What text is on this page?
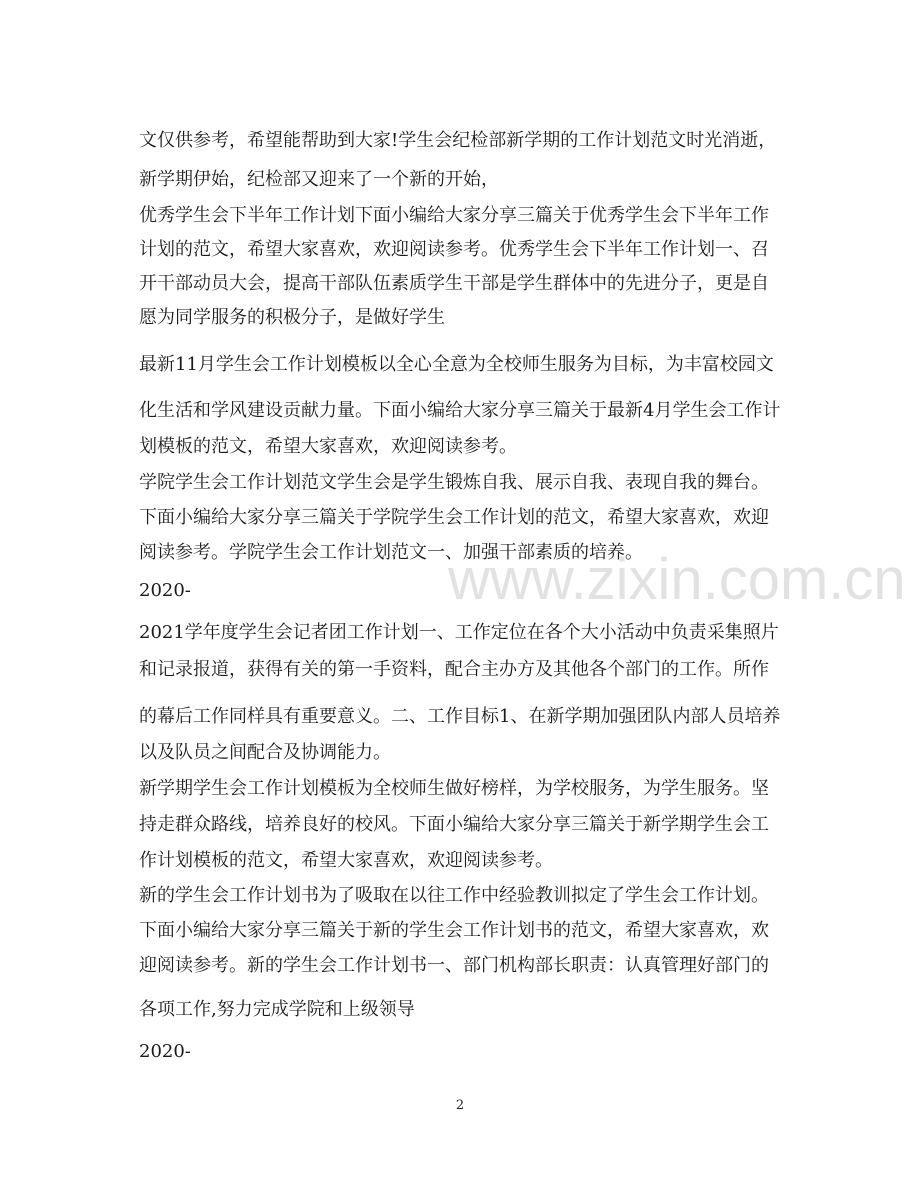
文仅供参考，希望能帮助到大家!学生会纪检部新学期的工作计划范文时光消逝，
新学期伊始，纪检部又迎来了一个新的开始，
优秀学生会下半年工作计划下面小编给大家分享三篇关于优秀学生会下半年工作
计划的范文，希望大家喜欢，欢迎阅读参考。优秀学生会下半年工作计划一、召
开干部动员大会，提高干部队伍素质学生干部是学生群体中的先进分子，更是自
愿为同学服务的积极分子，是做好学生
最新11月学生会工作计划模板以全心全意为全校师生服务为目标，为丰富校园文
化生活和学风建设贡献力量。下面小编给大家分享三篇关于最新4月学生会工作计
划模板的范文，希望大家喜欢，欢迎阅读参考。
学院学生会工作计划范文学生会是学生锻炼自我、展示自我、表现自我的舞台。
下面小编给大家分享三篇关于学院学生会工作计划的范文，希望大家喜欢，欢迎
阅读参考。学院学生会工作计划范文一、加强干部素质的培养。
2020-
2021学年度学生会记者团工作计划一、工作定位在各个大小活动中负责采集照片
和记录报道，获得有关的第一手资料，配合主办方及其他各个部门的工作。所作
的幕后工作同样具有重要意义。二、工作目标1、在新学期加强团队内部人员培养
以及队员之间配合及协调能力。
新学期学生会工作计划模板为全校师生做好榜样，为学校服务，为学生服务。坚
持走群众路线，培养良好的校风。下面小编给大家分享三篇关于新学期学生会工
作计划模板的范文，希望大家喜欢，欢迎阅读参考。
新的学生会工作计划书为了吸取在以往工作中经验教训拟定了学生会工作计划。
下面小编给大家分享三篇关于新的学生会工作计划书的范文，希望大家喜欢，欢
迎阅读参考。新的学生会工作计划书一、部门机构部长职责：认真管理好部门的
各项工作,努力完成学院和上级领导
2020-
www.zixin.com.cn
2
